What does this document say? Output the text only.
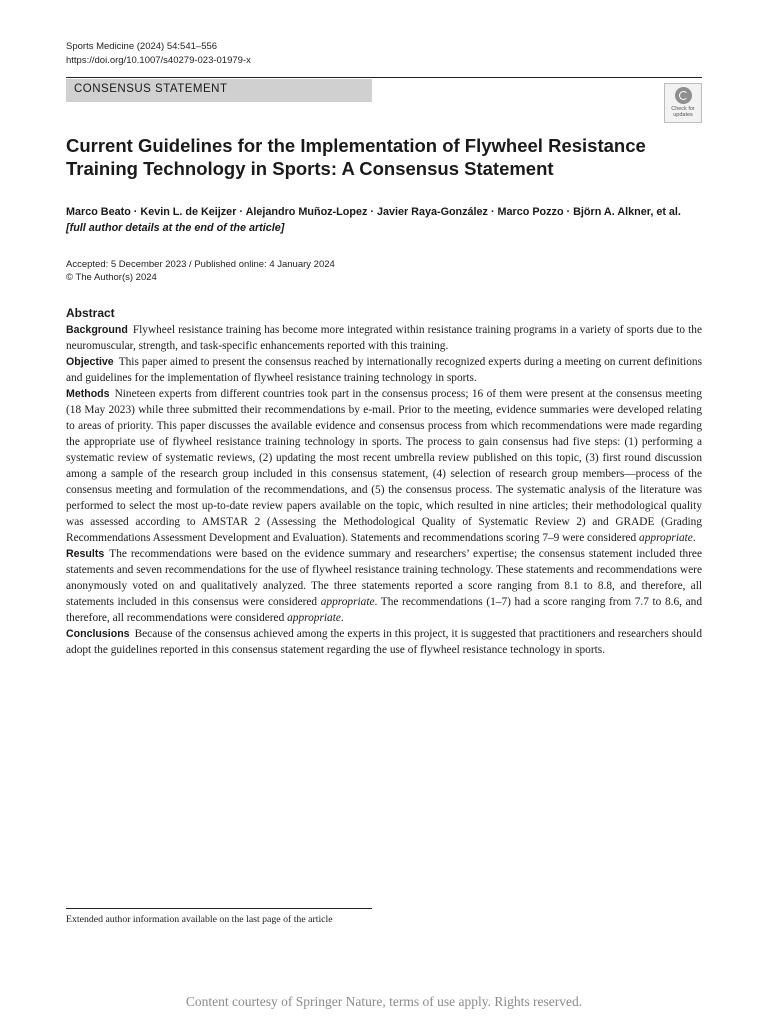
Sports Medicine (2024) 54:541–556
https://doi.org/10.1007/s40279-023-01979-x
CONSENSUS STATEMENT
Check for
updates
Current Guidelines for the Implementation of Flywheel Resistance
Training Technology in Sports: A Consensus Statement
Marco Beato · Kevin L. de Keijzer · Alejandro Muñoz-Lopez · Javier Raya-González · Marco Pozzo · Björn A. Alkner, et al. [full author details at the end of the article]
Accepted: 5 December 2023 / Published online: 4 January 2024
© The Author(s) 2024
Abstract

Background Flywheel resistance training has become more integrated within resistance training programs in a variety of sports due to the neuromuscular, strength, and task-specific enhancements reported with this training.

Objective This paper aimed to present the consensus reached by internationally recognized experts during a meeting on current definitions and guidelines for the implementation of flywheel resistance training technology in sports.

Methods Nineteen experts from different countries took part in the consensus process; 16 of them were present at the consensus meeting (18 May 2023) while three submitted their recommendations by e-mail. Prior to the meeting, evidence summaries were developed relating to areas of priority. This paper discusses the available evidence and consensus process from which recommendations were made regarding the appropriate use of flywheel resistance training technology in sports. The process to gain consensus had five steps: (1) performing a systematic review of systematic reviews, (2) updating the most recent umbrella review published on this topic, (3) first round discussion among a sample of the research group included in this consensus statement, (4) selection of research group members—process of the consensus meeting and formulation of the recommendations, and (5) the consensus process. The systematic analysis of the literature was performed to select the most up-to-date review papers available on the topic, which resulted in nine articles; their methodological quality was assessed according to AMSTAR 2 (Assessing the Methodological Quality of Systematic Review 2) and GRADE (Grading Recommendations Assessment Development and Evaluation). Statements and recommendations scoring 7–9 were considered appropriate.

Results The recommendations were based on the evidence summary and researchers’ expertise; the consensus statement included three statements and seven recommendations for the use of flywheel resistance training technology. These statements and recommendations were anonymously voted on and qualitatively analyzed. The three statements reported a score ranging from 8.1 to 8.8, and therefore, all statements included in this consensus were considered appropriate. The recommendations (1–7) had a score ranging from 7.7 to 8.6, and therefore, all recommendations were considered appropriate.

Conclusions Because of the consensus achieved among the experts in this project, it is suggested that practitioners and researchers should adopt the guidelines reported in this consensus statement regarding the use of flywheel resistance technology in sports.

Extended author information available on the last page of the article
Content courtesy of Springer Nature, terms of use apply. Rights reserved.
